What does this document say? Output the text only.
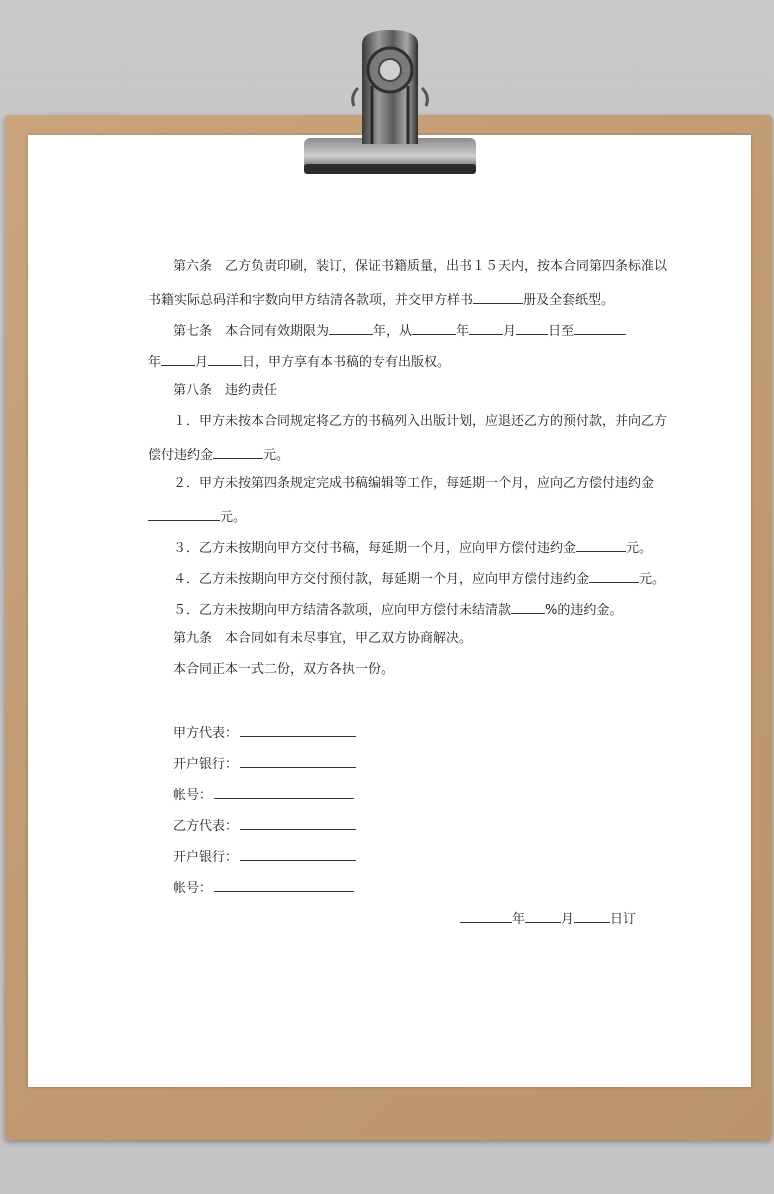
第六条　乙方负责印刷，装订，保证书籍质量，出书１５天内，按本合同第四条标准以
书籍实际总码洋和字数向甲方结清各款项，并交甲方样书	册及全套纸型。
第七条　本合同有效期限为	年，从	年	月 日至
年	月	日，甲方享有本书稿的专有出版权。
第八条　违约责任
１．甲方未按本合同规定将乙方的书稿列入出版计划，应退还乙方的预付款，并向乙方
偿付违约金	元。
２．甲方未按第四条规定完成书稿编辑等工作，每延期一个月，应向乙方偿付违约金
元。
３．乙方未按期向甲方交付书稿，每延期一个月，应向甲方偿付违约金	元。
４．乙方未按期向甲方交付预付款，每延期一个月，应向甲方偿付违约金	元。
５．乙方未按期向甲方结清各款项，应向甲方偿付未结清款	%的违约金。
第九条　本合同如有未尽事宜，甲乙双方协商解决。
本合同正本一式二份，双方各执一份。
甲方代表：
开户银行：
帐号：
乙方代表：
开户银行：
帐号：
年	月	日订
